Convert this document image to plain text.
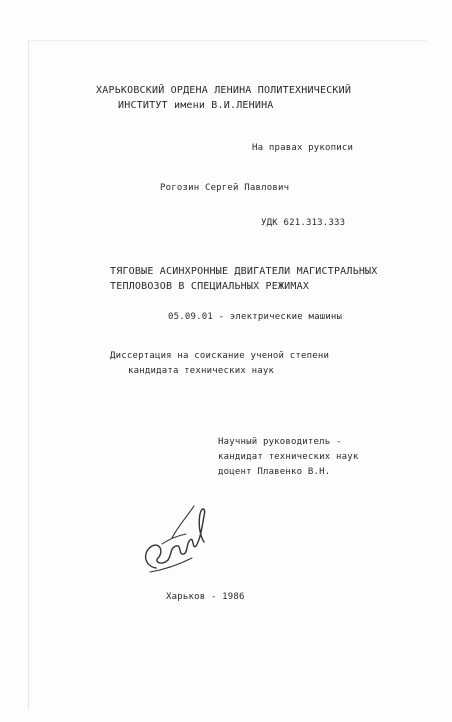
ХАРЬКОВСКИЙ ОРДЕНА ЛЕНИНА ПОЛИТЕХНИЧЕСКИЙ
ИНСТИТУТ имени В.И.ЛЕНИНА
На правах рукописи
Рогозин Сергей Павлович
УДК 621.313.333
ТЯГОВЫЕ АСИНХРОННЫЕ ДВИГАТЕЛИ МАГИСТРАЛЬНЫХ
ТЕПЛОВОЗОВ В СПЕЦИАЛЬНЫХ РЕЖИМАХ
05.09.01 - электрические машины
Диссертация на соискание ученой степени
кандидата технических наук
Научный руководитель -
кандидат технических наук
доцент Плавенко В.Н.
Харьков - 1986
